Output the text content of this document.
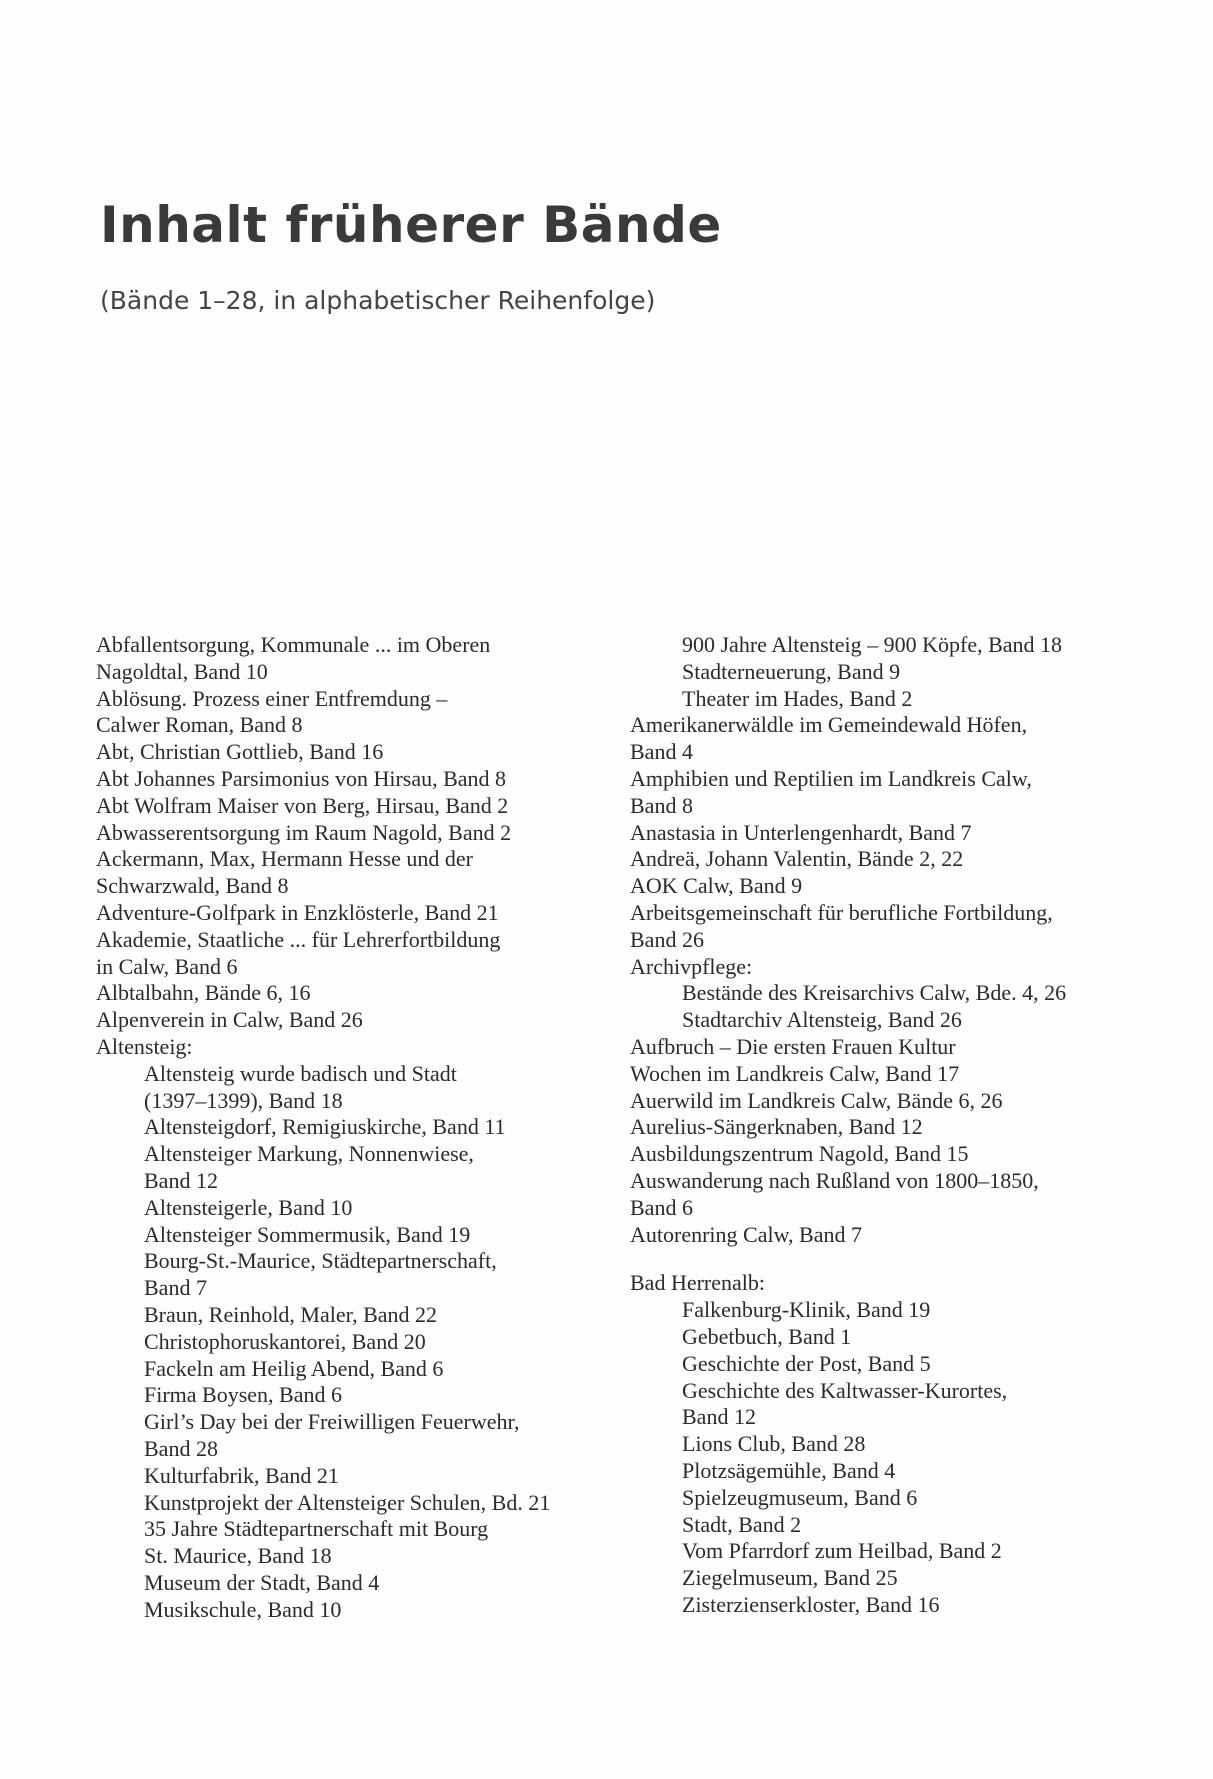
Inhalt früherer Bände

(Bände 1–28, in alphabetischer Reihenfolge)

Abfallentsorgung, Kommunale ... im Oberen
Nagoldtal, Band 10
Ablösung. Prozess einer Entfremdung –
Calwer Roman, Band 8
Abt, Christian Gottlieb, Band 16
Abt Johannes Parsimonius von Hirsau, Band 8
Abt Wolfram Maiser von Berg, Hirsau, Band 2
Abwasserentsorgung im Raum Nagold, Band 2
Ackermann, Max, Hermann Hesse und der
Schwarzwald, Band 8
Adventure-Golfpark in Enzklösterle, Band 21
Akademie, Staatliche ... für Lehrerfortbildung
in Calw, Band 6
Albtalbahn, Bände 6, 16
Alpenverein in Calw, Band 26
Altensteig:
Altensteig wurde badisch und Stadt
(1397–1399), Band 18
Altensteigdorf, Remigiuskirche, Band 11
Altensteiger Markung, Nonnenwiese,
Band 12
Altensteigerle, Band 10
Altensteiger Sommermusik, Band 19
Bourg-St.-Maurice, Städtepartnerschaft,
Band 7
Braun, Reinhold, Maler, Band 22
Christophoruskantorei, Band 20
Fackeln am Heilig Abend, Band 6
Firma Boysen, Band 6
Girl’s Day bei der Freiwilligen Feuerwehr,
Band 28
Kulturfabrik, Band 21
Kunstprojekt der Altensteiger Schulen, Bd. 21
35 Jahre Städtepartnerschaft mit Bourg
St. Maurice, Band 18
Museum der Stadt, Band 4
Musikschule, Band 10
900 Jahre Altensteig – 900 Köpfe, Band 18
Stadterneuerung, Band 9
Theater im Hades, Band 2
Amerikanerwäldle im Gemeindewald Höfen,
Band 4
Amphibien und Reptilien im Landkreis Calw,
Band 8
Anastasia in Unterlengenhardt, Band 7
Andreä, Johann Valentin, Bände 2, 22
AOK Calw, Band 9
Arbeitsgemeinschaft für berufliche Fortbildung,
Band 26
Archivpflege:
Bestände des Kreisarchivs Calw, Bde. 4, 26
Stadtarchiv Altensteig, Band 26
Aufbruch – Die ersten Frauen Kultur
Wochen im Landkreis Calw, Band 17
Auerwild im Landkreis Calw, Bände 6, 26
Aurelius-Sängerknaben, Band 12
Ausbildungszentrum Nagold, Band 15
Auswanderung nach Rußland von 1800–1850,
Band 6
Autorenring Calw, Band 7
Bad Herrenalb:
Falkenburg-Klinik, Band 19
Gebetbuch, Band 1
Geschichte der Post, Band 5
Geschichte des Kaltwasser-Kurortes,
Band 12
Lions Club, Band 28
Plotzsägemühle, Band 4
Spielzeugmuseum, Band 6
Stadt, Band 2
Vom Pfarrdorf zum Heilbad, Band 2
Ziegelmuseum, Band 25
Zisterzienserkloster, Band 16
